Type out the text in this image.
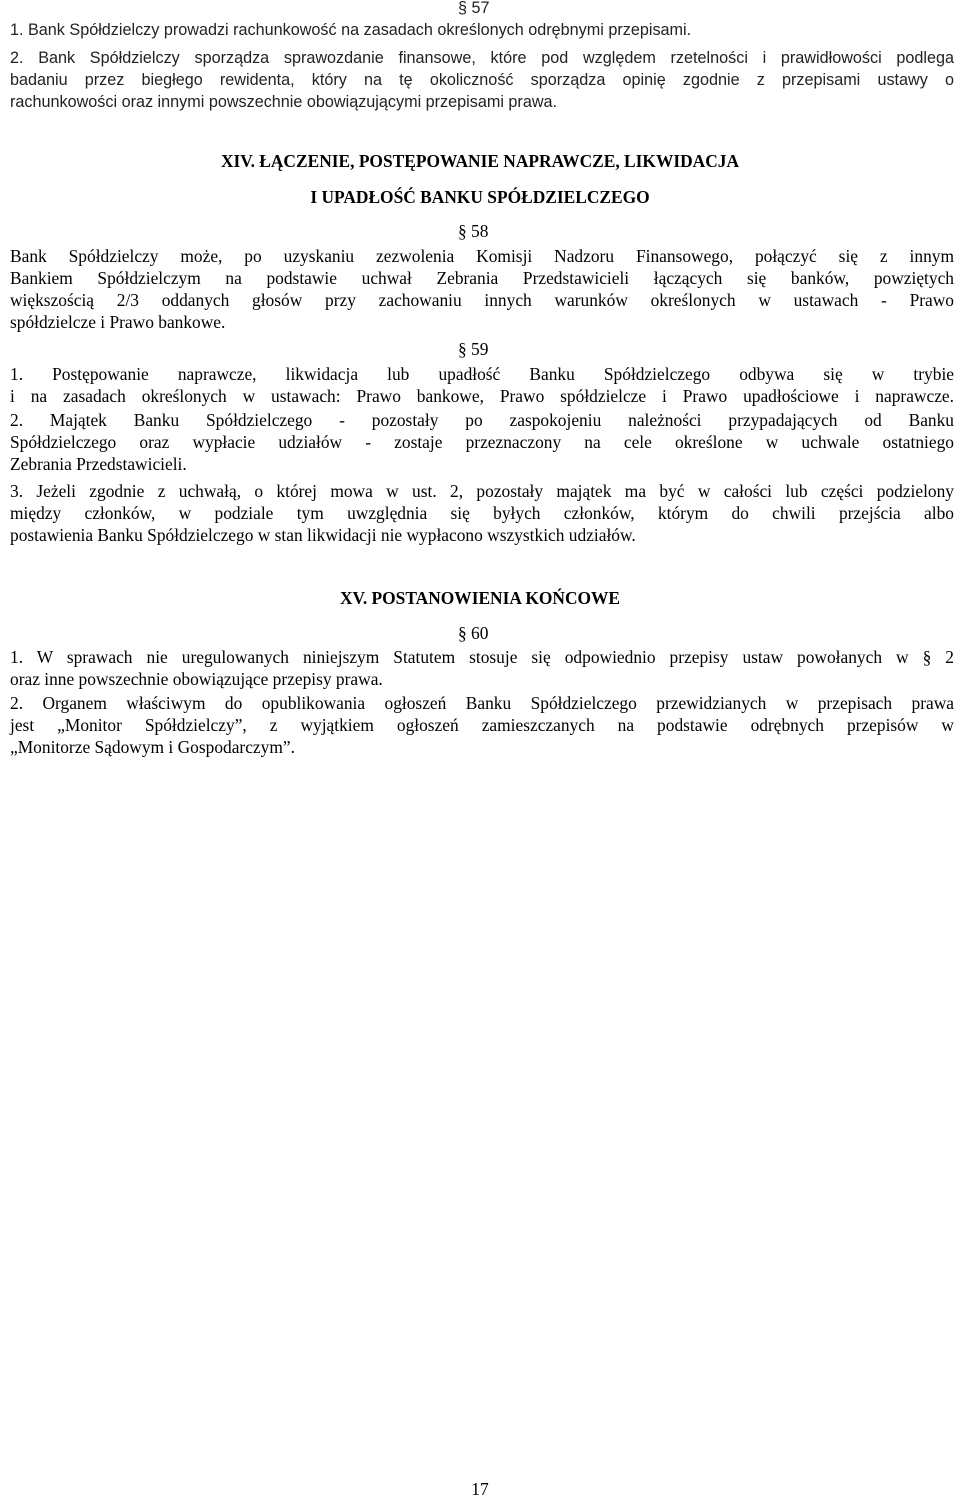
§ 57

1. Bank Spółdzielczy prowadzi rachunkowość na zasadach określonych odrębnymi przepisami.

2. Bank Spółdzielczy sporządza sprawozdanie finansowe, które pod względem rzetelności i prawidłowości podlega
badaniu przez biegłego rewidenta, który na tę okoliczność sporządza opinię zgodnie z przepisami ustawy o
rachunkowości oraz innymi powszechnie obowiązującymi przepisami prawa.

XIV. ŁĄCZENIE, POSTĘPOWANIE NAPRAWCZE, LIKWIDACJA
I UPADŁOŚĆ BANKU SPÓŁDZIELCZEGO
§ 58

Bank Spółdzielczy może, po uzyskaniu zezwolenia Komisji Nadzoru Finansowego, połączyć się z innym
Bankiem Spółdzielczym na podstawie uchwał Zebrania Przedstawicieli łączących się banków, powziętych
większością 2/3 oddanych głosów przy zachowaniu innych warunków określonych w ustawach - Prawo
spółdzielcze i Prawo bankowe.

§ 59

1. Postępowanie naprawcze, likwidacja lub upadłość Banku Spółdzielczego odbywa się w trybie
i na zasadach określonych w ustawach: Prawo bankowe, Prawo spółdzielcze i Prawo upadłościowe i naprawcze.

2. Majątek Banku Spółdzielczego - pozostały po zaspokojeniu należności przypadających od Banku
Spółdzielczego oraz wypłacie udziałów - zostaje przeznaczony na cele określone w uchwale ostatniego
Zebrania Przedstawicieli.

3. Jeżeli zgodnie z uchwałą, o której mowa w ust. 2, pozostały majątek ma być w całości lub części podzielony
między członków, w podziale tym uwzględnia się byłych członków, którym do chwili przejścia albo
postawienia Banku Spółdzielczego w stan likwidacji nie wypłacono wszystkich udziałów.

XV. POSTANOWIENIA KOŃCOWE
§ 60

1. W sprawach nie uregulowanych niniejszym Statutem stosuje się odpowiednio przepisy ustaw powołanych w § 2
oraz inne powszechnie obowiązujące przepisy prawa.

2. Organem właściwym do opublikowania ogłoszeń Banku Spółdzielczego przewidzianych w przepisach prawa
jest „Monitor Spółdzielczy”, z wyjątkiem ogłoszeń zamieszczanych na podstawie odrębnych przepisów w
„Monitorze Sądowym i Gospodarczym”.

17
